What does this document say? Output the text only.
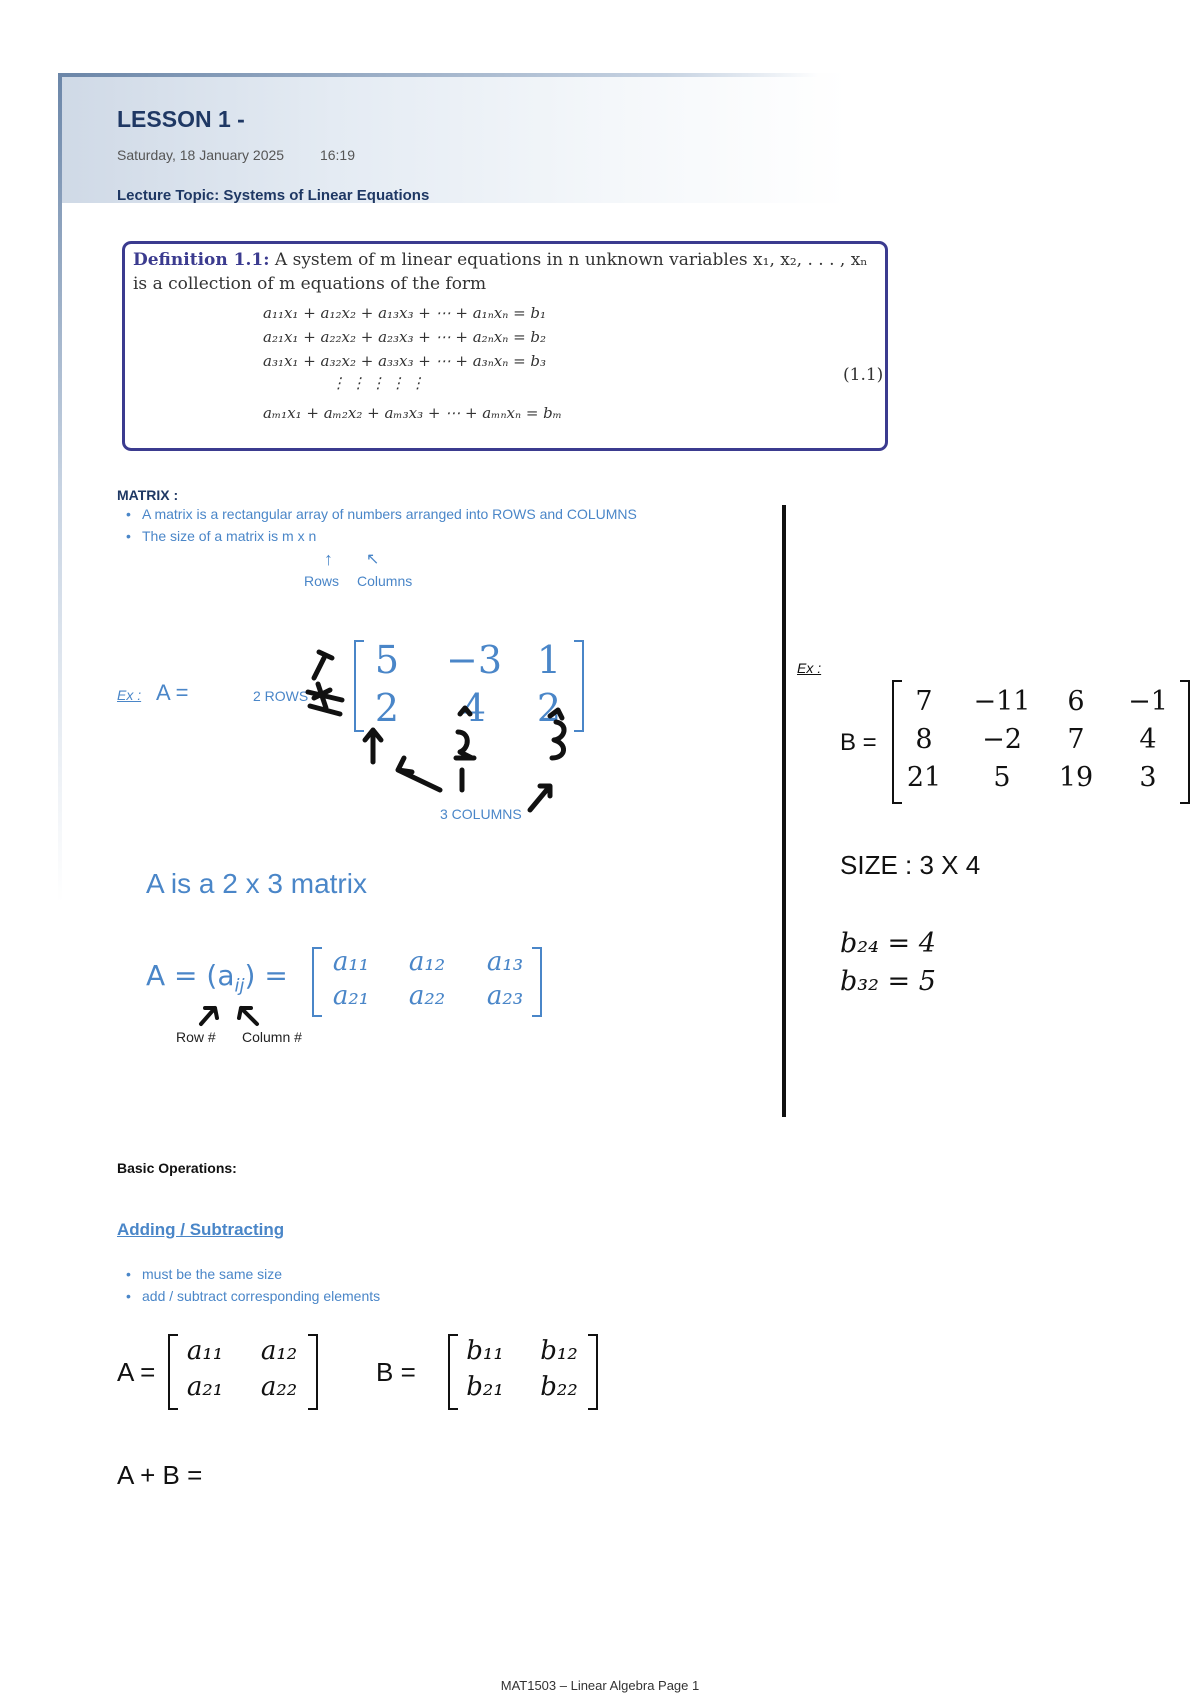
LESSON 1 -
Saturday, 18 January 2025	16:19
Lecture Topic: Systems of Linear Equations
Definition 1.1: A system of m linear equations in n unknown variables x₁, x₂, . . . , xₙ
is a collection of m equations of the form
a₁₁x₁ + a₁₂x₂ + a₁₃x₃ + ⋯ + a₁ₙxₙ = b₁
a₂₁x₁ + a₂₂x₂ + a₂₃x₃ + ⋯ + a₂ₙxₙ = b₂
a₃₁x₁ + a₃₂x₂ + a₃₃x₃ + ⋯ + a₃ₙxₙ = b₃
⋮ ⋮ ⋮ ⋮ ⋮
aₘ₁x₁ + aₘ₂x₂ + aₘ₃x₃ + ⋯ + aₘₙxₙ = bₘ
(1.1)
MATRIX :
• A matrix is a rectangular array of numbers arranged into ROWS and COLUMNS
• The size of a matrix is m x n
↑ ↖
Rows Columns
Ex : A =	2 ROWS
5	−3 1
2	4	2
3 COLUMNS
A is a 2 x 3 matrix
$A = (a_{ij})$ =	a₁₁	a₁₂	a₁₃
a₂₁	a₂₂	a₂₃
Row # Column #
Ex :
B =
7	−11	6	−1
8	−2	7	4
21	5	19	3
SIZE : 3 X 4
b₂₄ = 4
b₃₂ = 5
Basic Operations:
Adding / Subtracting
• must be the same size
• add / subtract corresponding elements
A =
a₁₁	a₁₂
a₂₁	a₂₂	B =
b₁₁	b₁₂
b₂₁	b₂₂
A + B =
MAT1503 – Linear Algebra Page 1
